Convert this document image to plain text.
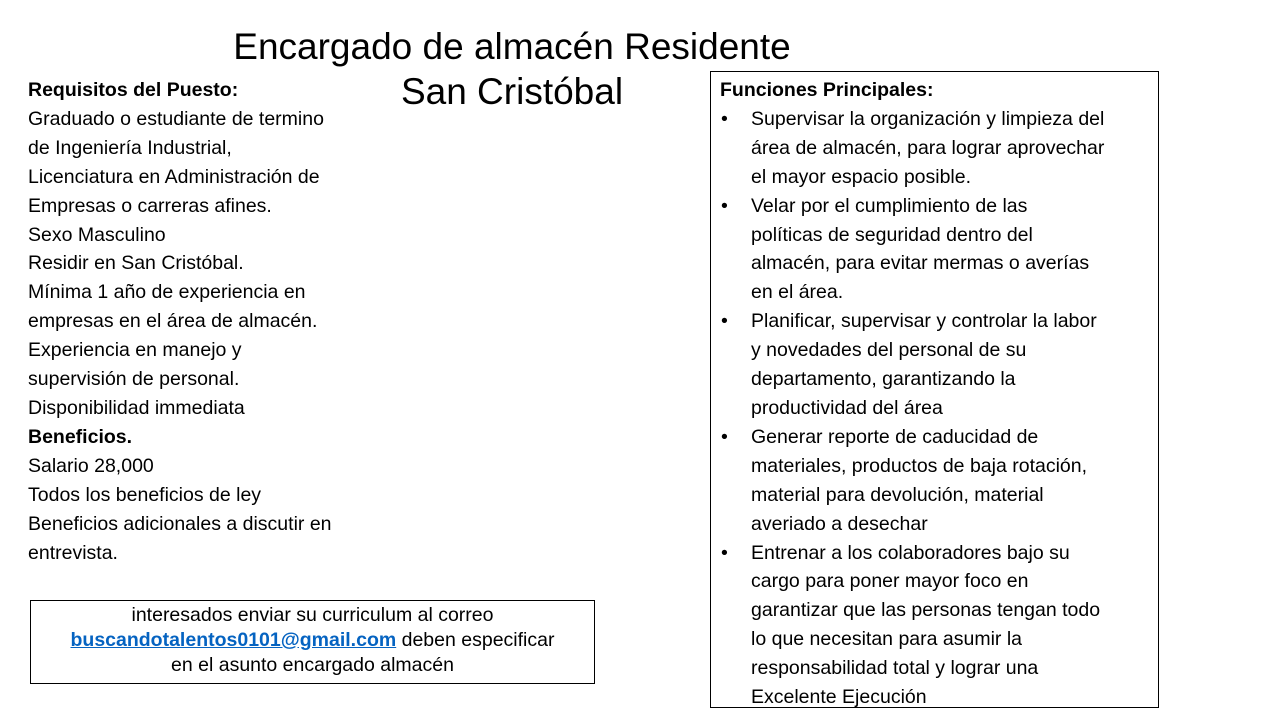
Encargado de almacén Residente
San Cristóbal
Requisitos del Puesto:
Graduado o estudiante de termino
de Ingeniería Industrial,
Licenciatura en Administración de
Empresas o carreras afines.
Sexo Masculino
Residir en San Cristóbal.
Mínima 1 año de experiencia en
empresas en el área de almacén.
Experiencia en manejo y
supervisión de personal.
Disponibilidad immediata
Beneficios.
Salario 28,000
Todos los beneficios de ley
Beneficios adicionales a discutir en
entrevista.
interesados enviar su curriculum al correo
buscandotalentos0101@gmail.com deben especificar
en el asunto encargado almacén
Funciones Principales:
• Supervisar la organización y limpieza del
área de almacén, para lograr aprovechar
el mayor espacio posible.
• Velar por el cumplimiento de las
políticas de seguridad dentro del
almacén, para evitar mermas o averías
en el área.
• Planificar, supervisar y controlar la labor
y novedades del personal de su
departamento, garantizando la
productividad del área
• Generar reporte de caducidad de
materiales, productos de baja rotación,
material para devolución, material
averiado a desechar
• Entrenar a los colaboradores bajo su
cargo para poner mayor foco en
garantizar que las personas tengan todo
lo que necesitan para asumir la
responsabilidad total y lograr una
Excelente Ejecución
